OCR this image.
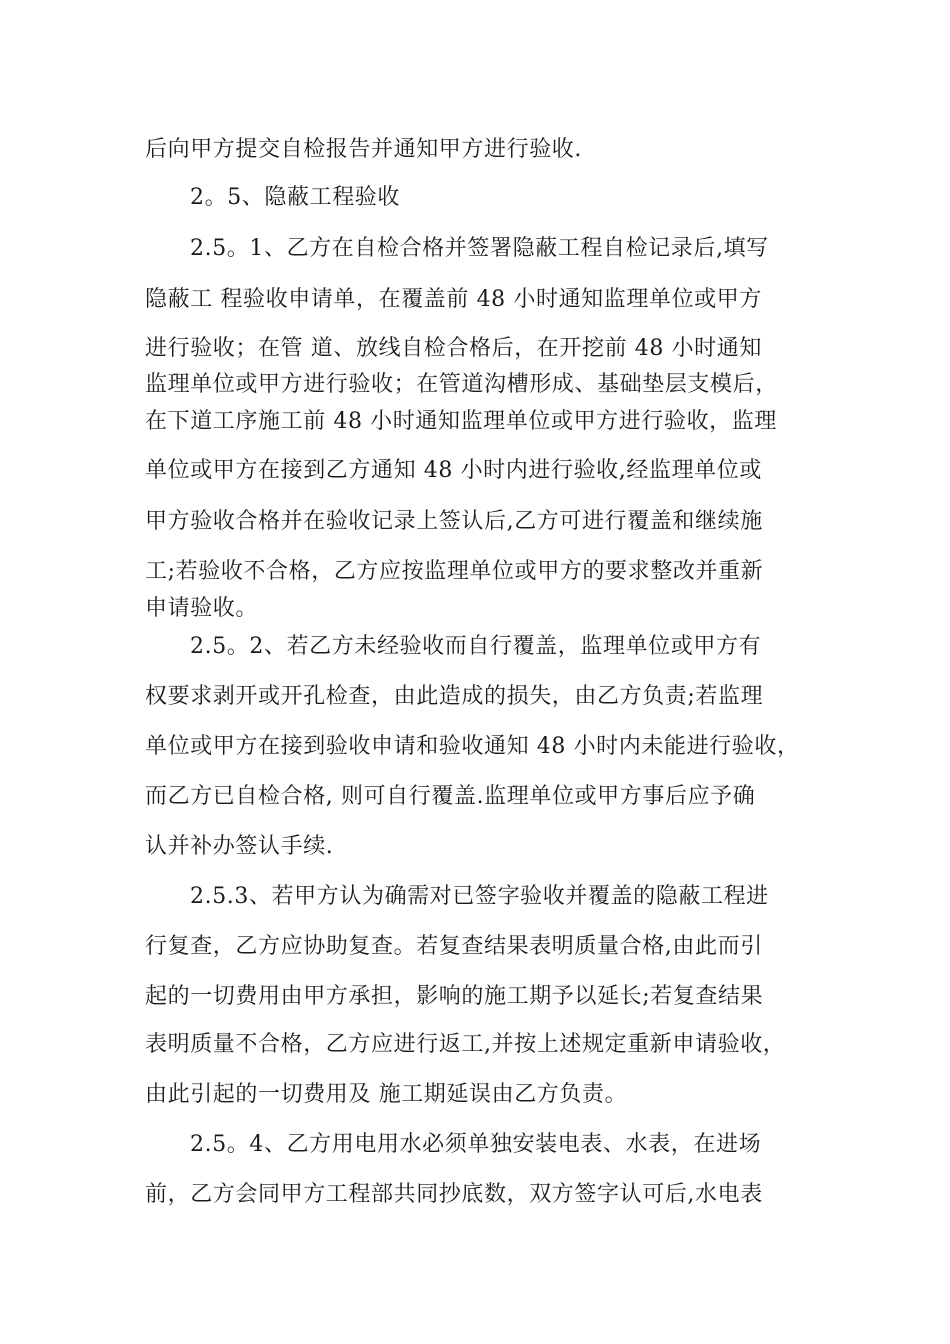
后向甲方提交自检报告并通知甲方进行验收.
2。5、隐蔽工程验收
2.5。1、乙方在自检合格并签署隐蔽工程自检记录后,填写
隐蔽工 程验收申请单，在覆盖前 48 小时通知监理单位或甲方
进行验收；在管 道、放线自检合格后，在开挖前 48 小时通知
监理单位或甲方进行验收；在管道沟槽形成、基础垫层支模后，
在下道工序施工前 48 小时通知监理单位或甲方进行验收，监理
单位或甲方在接到乙方通知 48 小时内进行验收,经监理单位或
甲方验收合格并在验收记录上签认后,乙方可进行覆盖和继续施
工;若验收不合格，乙方应按监理单位或甲方的要求整改并重新
申请验收。
2.5。2、若乙方未经验收而自行覆盖，监理单位或甲方有
权要求剥开或开孔检查，由此造成的损失，由乙方负责;若监理
单位或甲方在接到验收申请和验收通知 48 小时内未能进行验收，
而乙方已自检合格, 则可自行覆盖.监理单位或甲方事后应予确
认并补办签认手续.
2.5.3、若甲方认为确需对已签字验收并覆盖的隐蔽工程进
行复查，乙方应协助复查。若复查结果表明质量合格,由此而引
起的一切费用由甲方承担，影响的施工期予以延长;若复查结果
表明质量不合格，乙方应进行返工,并按上述规定重新申请验收，
由此引起的一切费用及 施工期延误由乙方负责。
2.5。4、乙方用电用水必须单独安装电表、水表，在进场
前，乙方会同甲方工程部共同抄底数，双方签字认可后,水电表
